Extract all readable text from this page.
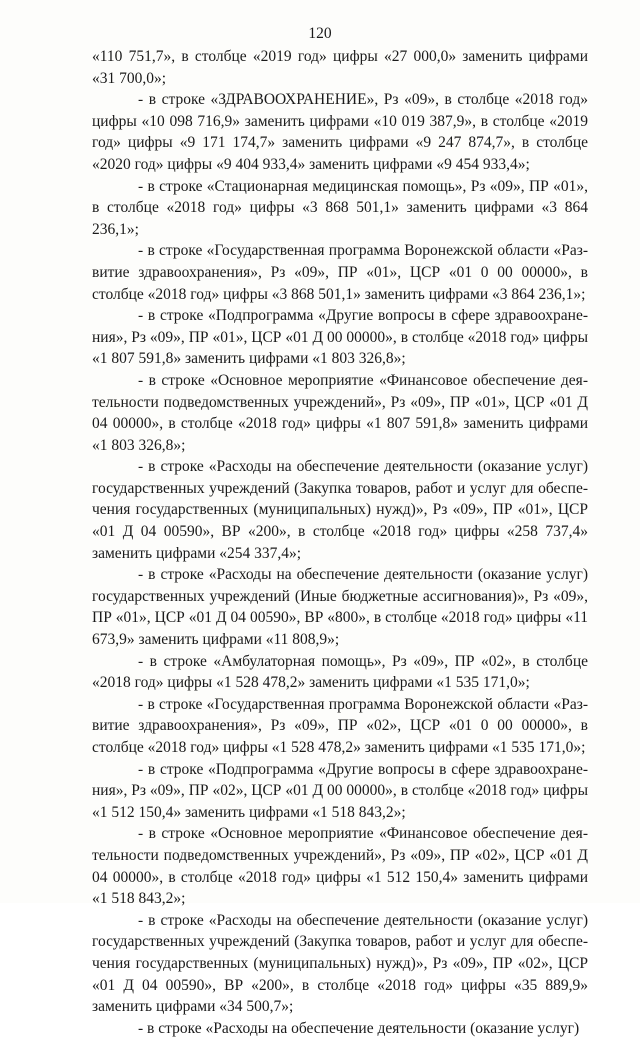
120

«110 751,7», в столбце «2019 год» цифры «27 000,0» заменить цифрами «31 700,0»;

- в строке «ЗДРАВООХРАНЕНИЕ», Рз «09», в столбце «2018 год» цифры «10 098 716,9» заменить цифрами «10 019 387,9», в столбце «2019 год» цифры «9 171 174,7» заменить цифрами «9 247 874,7», в столбце «2020 год» цифры «9 404 933,4» заменить цифрами «9 454 933,4»;

- в строке «Стационарная медицинская помощь», Рз «09», ПР «01», в столбце «2018 год» цифры «3 868 501,1» заменить цифрами «3 864 236,1»;

- в строке «Государственная программа Воронежской области «Развитие здравоохранения», Рз «09», ПР «01», ЦСР «01 0 00 00000», в столбце «2018 год» цифры «3 868 501,1» заменить цифрами «3 864 236,1»;

- в строке «Подпрограмма «Другие вопросы в сфере здравоохранения», Рз «09», ПР «01», ЦСР «01 Д 00 00000», в столбце «2018 год» цифры «1 807 591,8» заменить цифрами «1 803 326,8»;

- в строке «Основное мероприятие «Финансовое обеспечение деятельности подведомственных учреждений», Рз «09», ПР «01», ЦСР «01 Д 04 00000», в столбце «2018 год» цифры «1 807 591,8» заменить цифрами «1 803 326,8»;

- в строке «Расходы на обеспечение деятельности (оказание услуг) государственных учреждений (Закупка товаров, работ и услуг для обеспечения государственных (муниципальных) нужд)», Рз «09», ПР «01», ЦСР «01 Д 04 00590», ВР «200», в столбце «2018 год» цифры «258 737,4» заменить цифрами «254 337,4»;

- в строке «Расходы на обеспечение деятельности (оказание услуг) государственных учреждений (Иные бюджетные ассигнования)», Рз «09», ПР «01», ЦСР «01 Д 04 00590», ВР «800», в столбце «2018 год» цифры «11 673,9» заменить цифрами «11 808,9»;

- в строке «Амбулаторная помощь», Рз «09», ПР «02», в столбце «2018 год» цифры «1 528 478,2» заменить цифрами «1 535 171,0»;

- в строке «Государственная программа Воронежской области «Развитие здравоохранения», Рз «09», ПР «02», ЦСР «01 0 00 00000», в столбце «2018 год» цифры «1 528 478,2» заменить цифрами «1 535 171,0»;

- в строке «Подпрограмма «Другие вопросы в сфере здравоохранения», Рз «09», ПР «02», ЦСР «01 Д 00 00000», в столбце «2018 год» цифры «1 512 150,4» заменить цифрами «1 518 843,2»;

- в строке «Основное мероприятие «Финансовое обеспечение деятельности подведомственных учреждений», Рз «09», ПР «02», ЦСР «01 Д 04 00000», в столбце «2018 год» цифры «1 512 150,4» заменить цифрами «1 518 843,2»;

- в строке «Расходы на обеспечение деятельности (оказание услуг) государственных учреждений (Закупка товаров, работ и услуг для обеспечения государственных (муниципальных) нужд)», Рз «09», ПР «02», ЦСР «01 Д 04 00590», ВР «200», в столбце «2018 год» цифры «35 889,9» заменить цифрами «34 500,7»;

- в строке «Расходы на обеспечение деятельности (оказание услуг)
